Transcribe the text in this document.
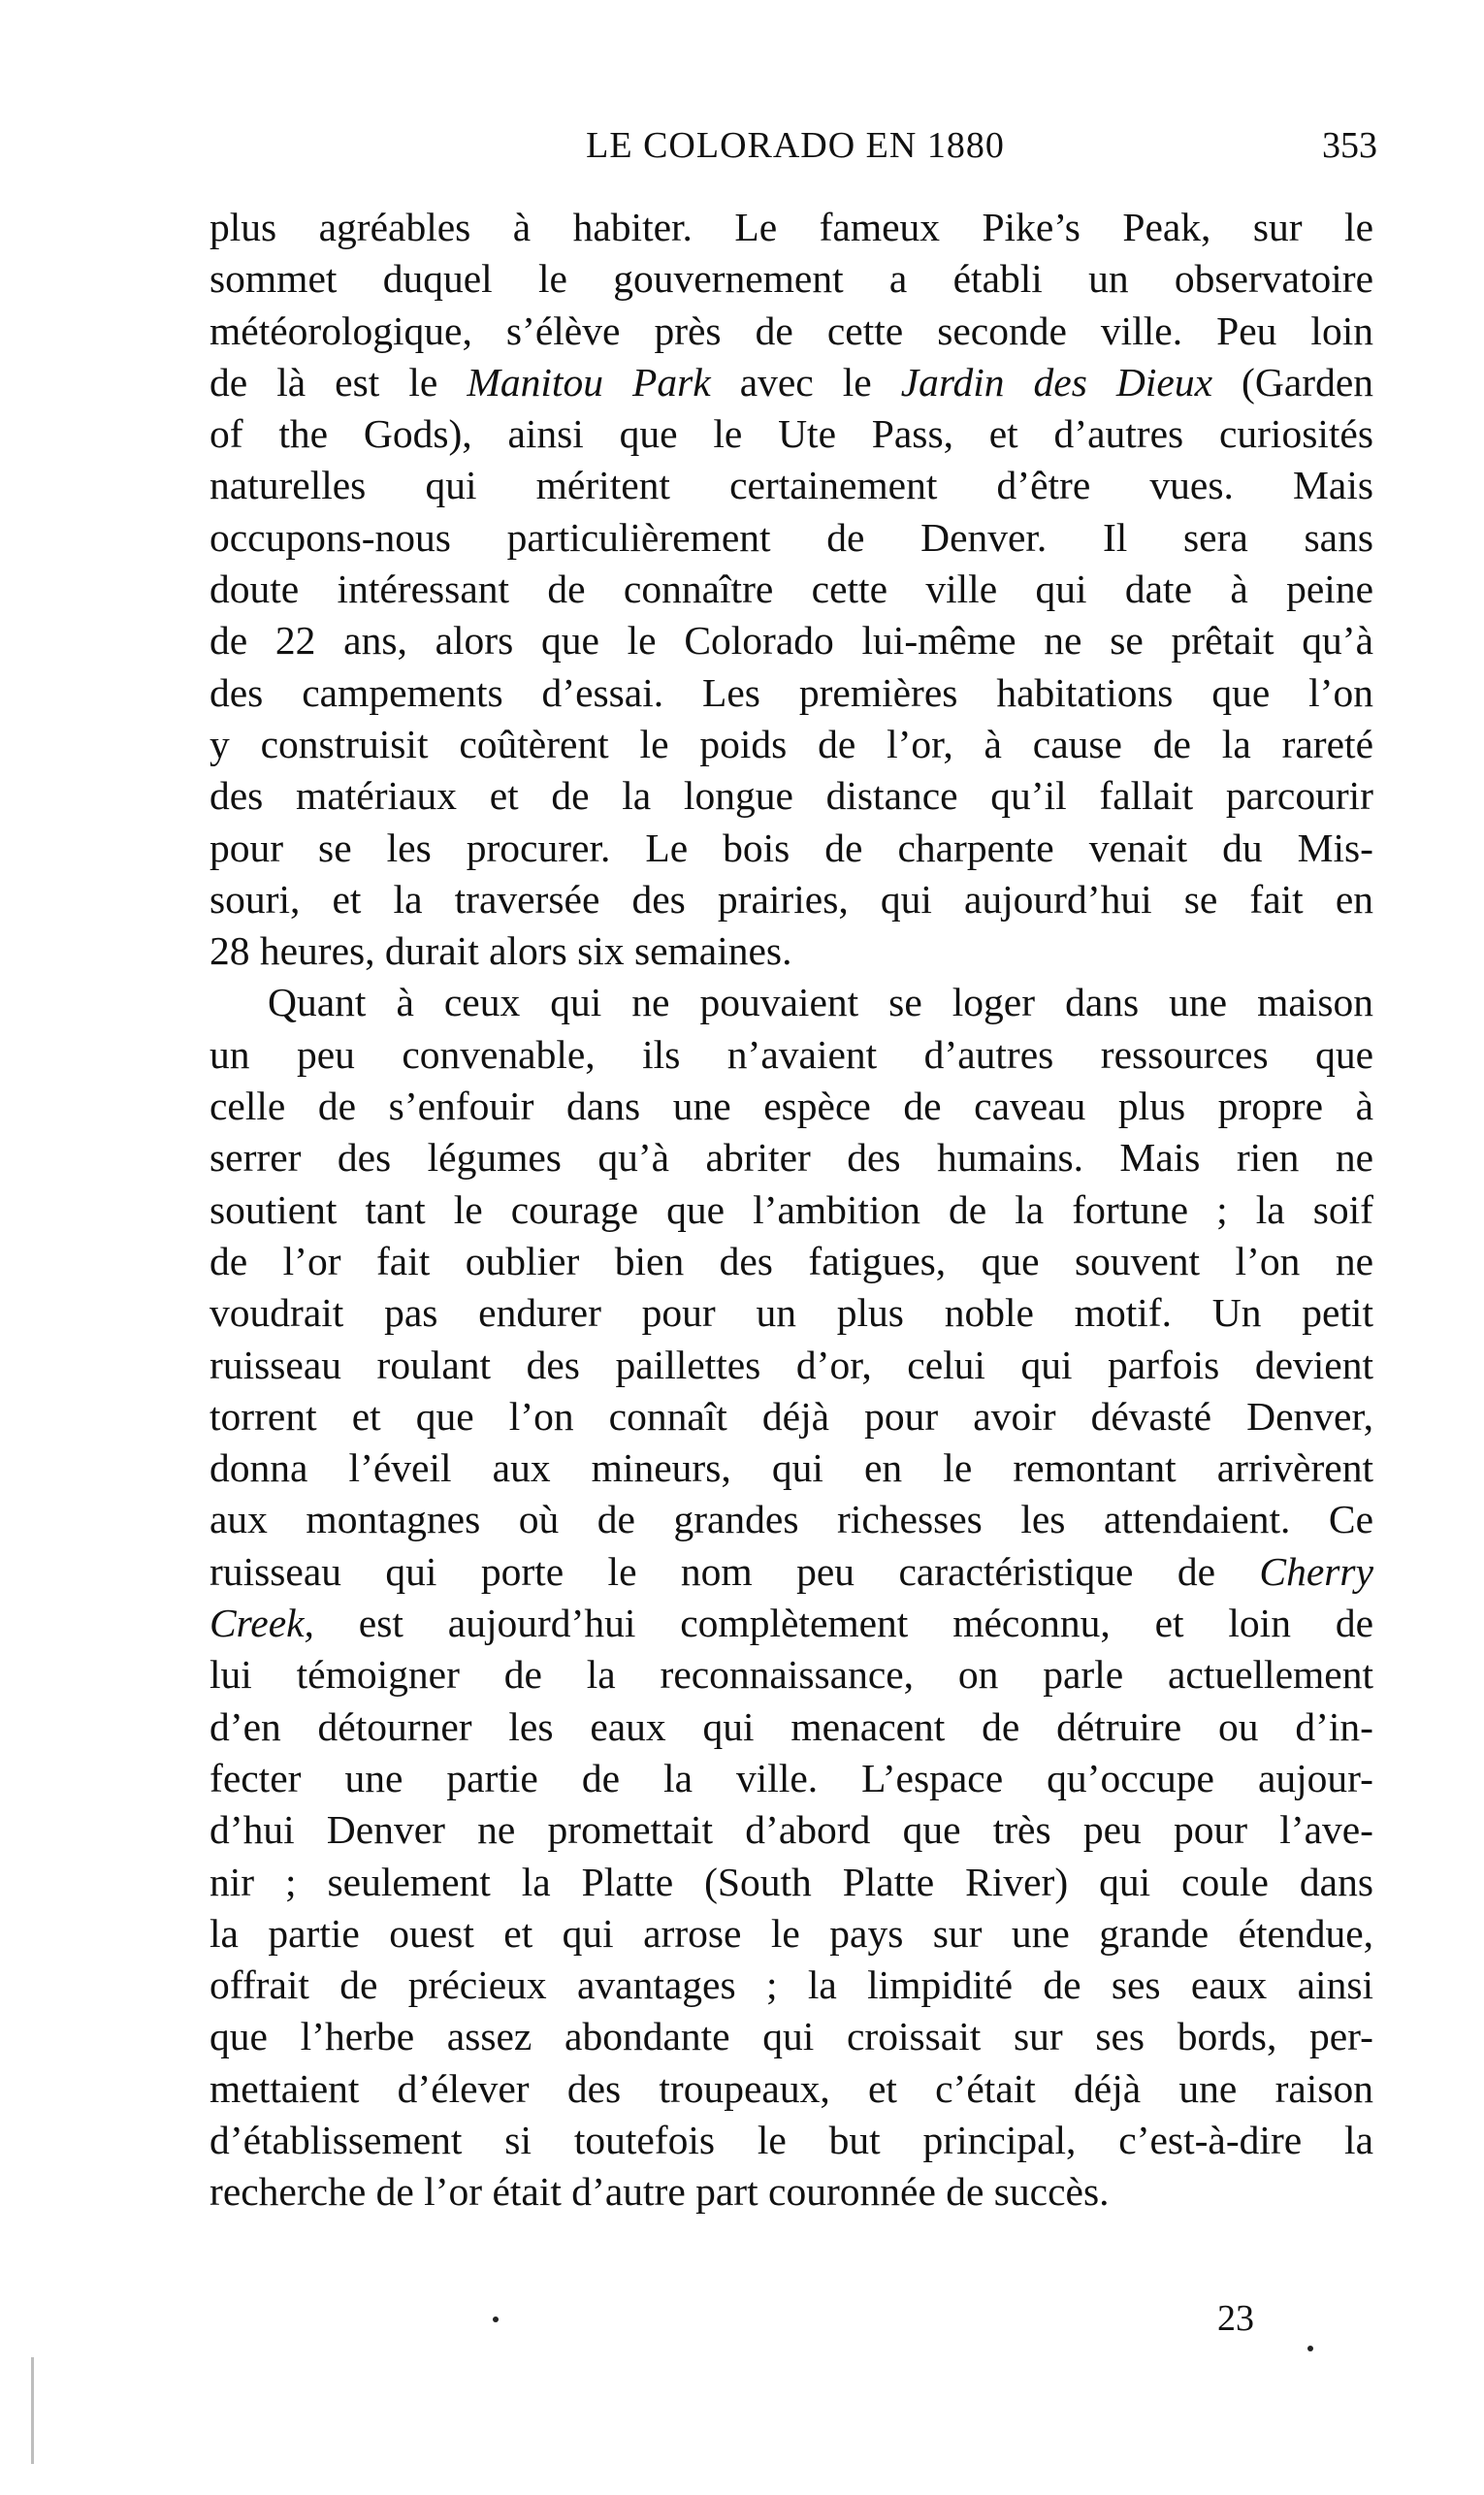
LE COLORADO EN 1880	353
plus agréables à habiter. Le fameux Pike’s Peak, sur le
sommet duquel le gouvernement a établi un observatoire
météorologique, s’élève près de cette seconde ville. Peu loin
de là est le Manitou Park avec le Jardin des Dieux (Garden
of the Gods), ainsi que le Ute Pass, et d’autres curiosités
naturelles qui méritent certainement d’être vues. Mais
occupons-nous particulièrement de Denver. Il sera sans
doute intéressant de connaître cette ville qui date à peine
de 22 ans, alors que le Colorado lui-même ne se prêtait qu’à
des campements d’essai. Les premières habitations que l’on
y construisit coûtèrent le poids de l’or, à cause de la rareté
des matériaux et de la longue distance qu’il fallait parcourir
pour se les procurer. Le bois de charpente venait du Mis-
souri, et la traversée des prairies, qui aujourd’hui se fait en
28 heures, durait alors six semaines.
Quant à ceux qui ne pouvaient se loger dans une maison
un peu convenable, ils n’avaient d’autres ressources que
celle de s’enfouir dans une espèce de caveau plus propre à
serrer des légumes qu’à abriter des humains. Mais rien ne
soutient tant le courage que l’ambition de la fortune ; la soif
de l’or fait oublier bien des fatigues, que souvent l’on ne
voudrait pas endurer pour un plus noble motif. Un petit
ruisseau roulant des paillettes d’or, celui qui parfois devient
torrent et que l’on connaît déjà pour avoir dévasté Denver,
donna l’éveil aux mineurs, qui en le remontant arrivèrent
aux montagnes où de grandes richesses les attendaient. Ce
ruisseau qui porte le nom peu caractéristique de Cherry
Creek, est aujourd’hui complètement méconnu, et loin de
lui témoigner de la reconnaissance, on parle actuellement
d’en détourner les eaux qui menacent de détruire ou d’in-
fecter une partie de la ville. L’espace qu’occupe aujour-
d’hui Denver ne promettait d’abord que très peu pour l’ave-
nir ; seulement la Platte (South Platte River) qui coule dans
la partie ouest et qui arrose le pays sur une grande étendue,
offrait de précieux avantages ; la limpidité de ses eaux ainsi
que l’herbe assez abondante qui croissait sur ses bords, per-
mettaient d’élever des troupeaux, et c’était déjà une raison
d’établissement si toutefois le but principal, c’est-à-dire la
recherche de l’or était d’autre part couronnée de succès.
23
